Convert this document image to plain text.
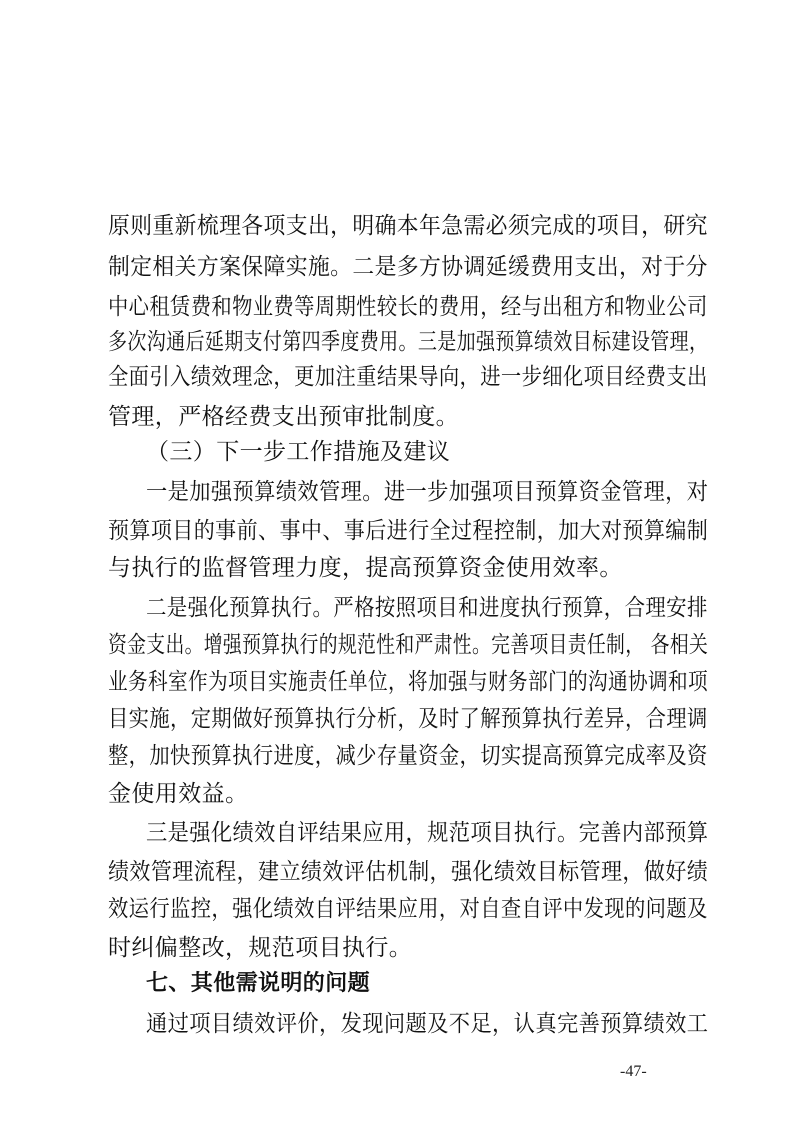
原则重新梳理各项支出，明确本年急需必须完成的项目，研究
制定相关方案保障实施。二是多方协调延缓费用支出，对于分
中心租赁费和物业费等周期性较长的费用，经与出租方和物业公司
多次沟通后延期支付第四季度费用。三是加强预算绩效目标建设管理，
全面引入绩效理念，更加注重结果导向，进一步细化项目经费支出
管理，严格经费支出预审批制度。
（三）下一步工作措施及建议
一是加强预算绩效管理。进一步加强项目预算资金管理，对
预算项目的事前、事中、事后进行全过程控制，加大对预算编制
与执行的监督管理力度，提高预算资金使用效率。
二是强化预算执行。严格按照项目和进度执行预算，合理安排
资金支出。增强预算执行的规范性和严肃性。完善项目责任制， 各相关
业务科室作为项目实施责任单位，将加强与财务部门的沟通协调和项
目实施，定期做好预算执行分析，及时了解预算执行差异，合理调
整，加快预算执行进度，减少存量资金，切实提高预算完成率及资
金使用效益。
三是强化绩效自评结果应用，规范项目执行。完善内部预算
绩效管理流程，建立绩效评估机制，强化绩效目标管理，做好绩
效运行监控，强化绩效自评结果应用，对自查自评中发现的问题及
时纠偏整改，规范项目执行。
七、其他需说明的问题
通过项目绩效评价，发现问题及不足，认真完善预算绩效工
-47-
